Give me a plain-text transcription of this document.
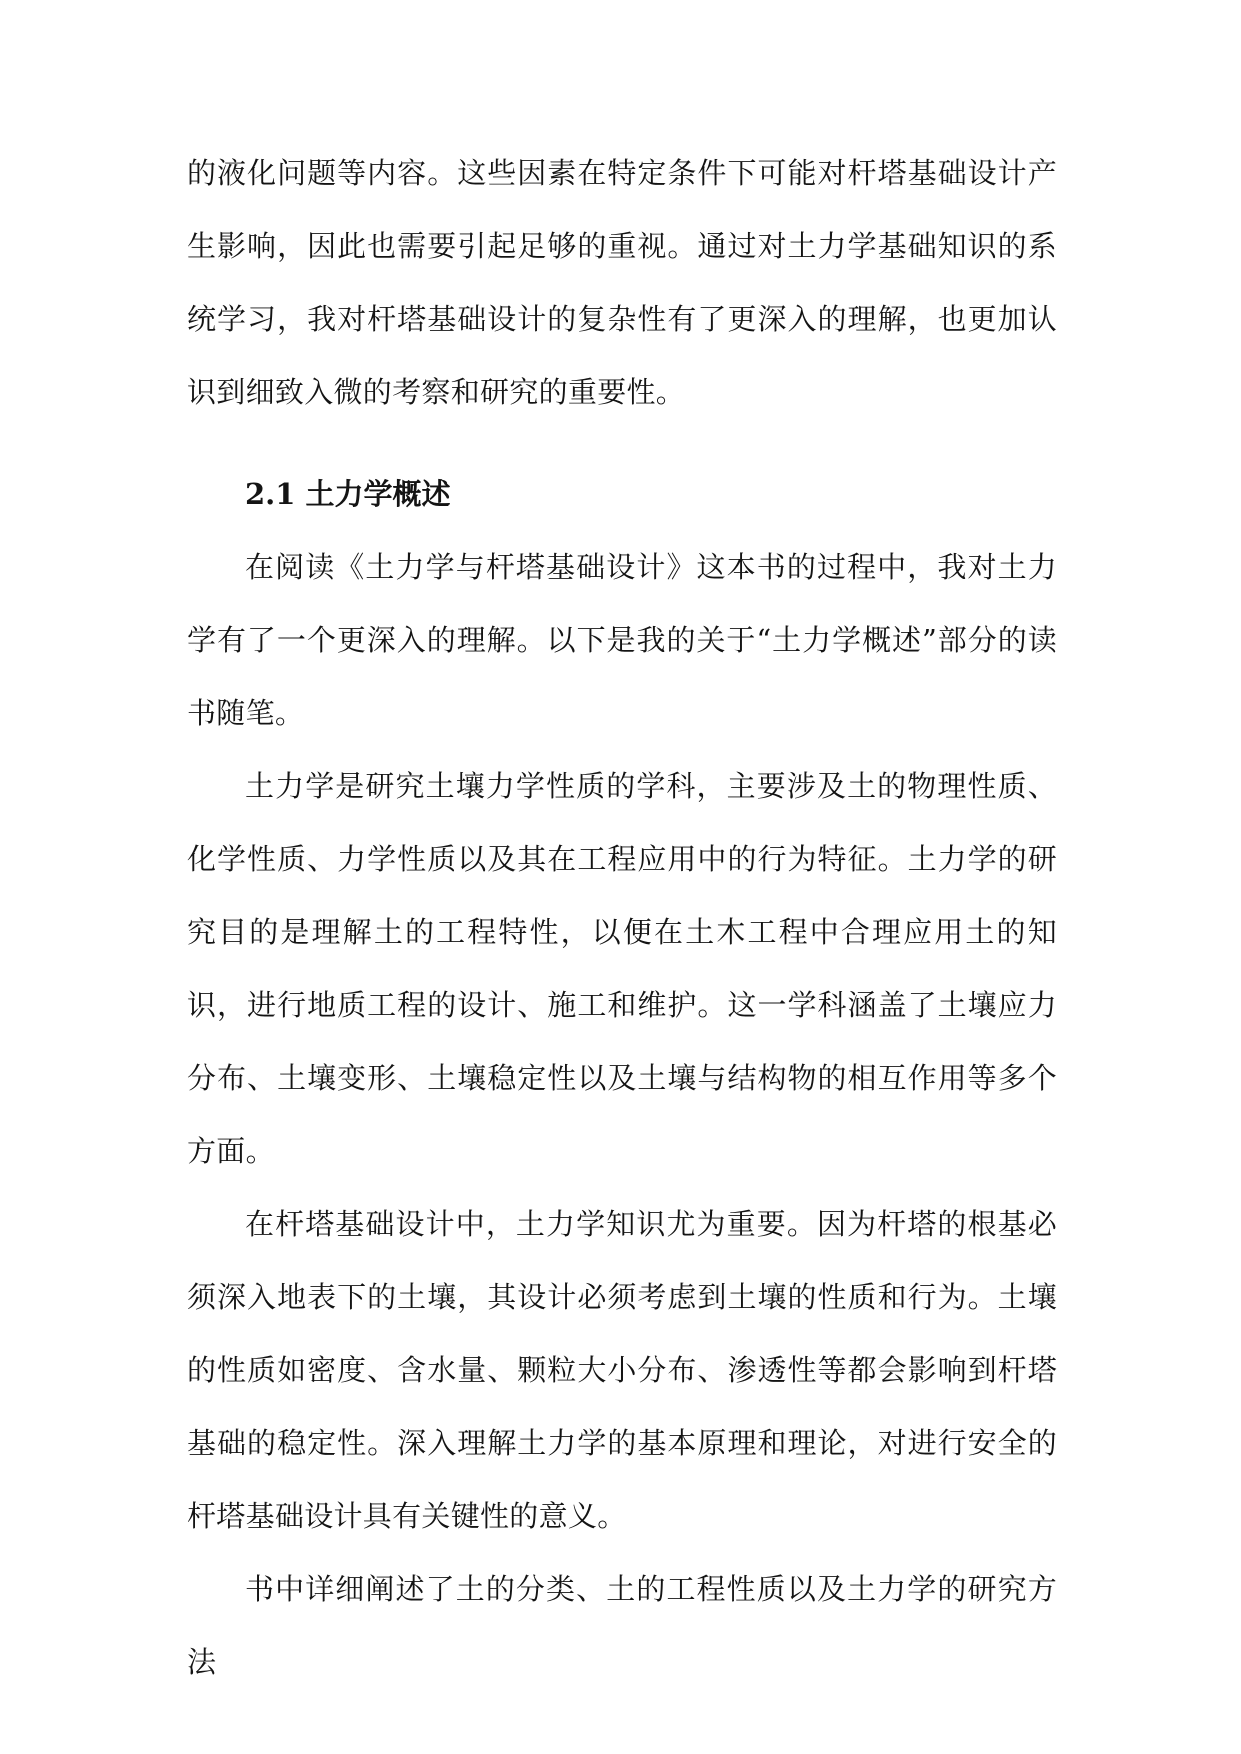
的液化问题等内容。这些因素在特定条件下可能对杆塔基础设计产生影响，因此也需要引起足够的重视。通过对土力学基础知识的系统学习，我对杆塔基础设计的复杂性有了更深入的理解，也更加认识到细致入微的考察和研究的重要性。

2.1 土力学概述

在阅读《土力学与杆塔基础设计》这本书的过程中，我对土力学有了一个更深入的理解。以下是我的关于“土力学概述”部分的读书随笔。

土力学是研究土壤力学性质的学科，主要涉及土的物理性质、化学性质、力学性质以及其在工程应用中的行为特征。土力学的研究目的是理解土的工程特性，以便在土木工程中合理应用土的知识，进行地质工程的设计、施工和维护。这一学科涵盖了土壤应力分布、土壤变形、土壤稳定性以及土壤与结构物的相互作用等多个方面。

在杆塔基础设计中，土力学知识尤为重要。因为杆塔的根基必须深入地表下的土壤，其设计必须考虑到土壤的性质和行为。土壤的性质如密度、含水量、颗粒大小分布、渗透性等都会影响到杆塔基础的稳定性。深入理解土力学的基本原理和理论，对进行安全的杆塔基础设计具有关键性的意义。

书中详细阐述了土的分类、土的工程性质以及土力学的研究方法
